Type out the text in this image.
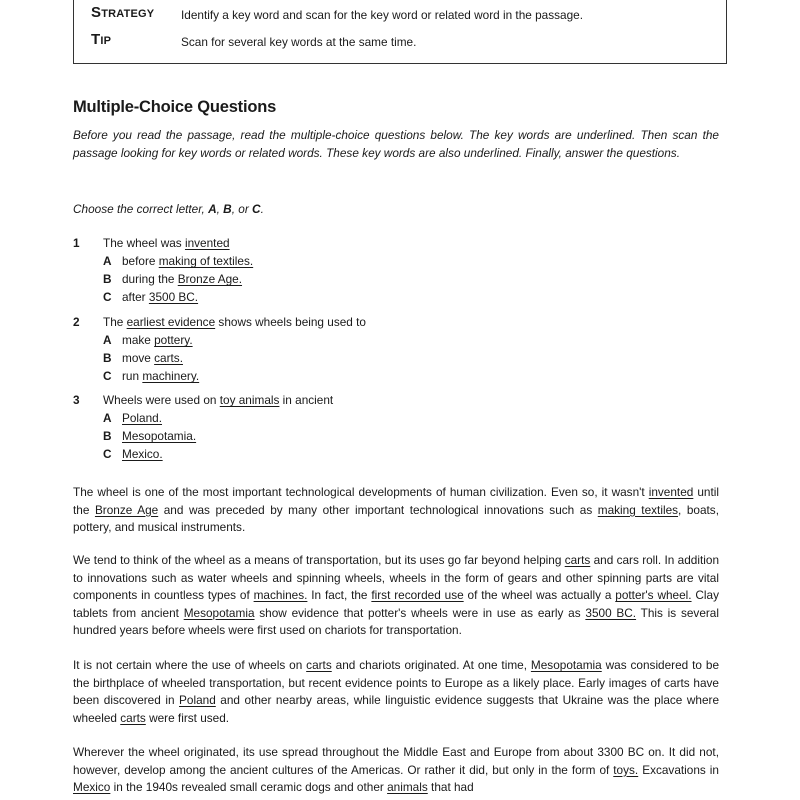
Strategy Identify a key word and scan for the key word or related word in the passage.
Tip	Scan for several key words at the same time.
Multiple-Choice Questions

Before you read the passage, read the multiple-choice questions below. The key words are underlined. Then scan the passage looking for key words or related words. These key words are also underlined. Finally, answer the questions.

Choose the correct letter, A, B, or C.

1 The wheel was invented
A before making of textiles.
B during the Bronze Age.
C after 3500 BC.
2 The earliest evidence shows wheels being used to
A make pottery.
B move carts.
C run machinery.
3 Wheels were used on toy animals in ancient
A Poland.
B Mesopotamia.
C Mexico.

The wheel is one of the most important technological developments of human civilization. Even so, it wasn't invented until the Bronze Age and was preceded by many other important technological innovations such as making textiles, boats, pottery, and musical instruments.

We tend to think of the wheel as a means of transportation, but its uses go far beyond helping carts and cars roll. In addition to innovations such as water wheels and spinning wheels, wheels in the form of gears and other spinning parts are vital components in countless types of machines. In fact, the first recorded use of the wheel was actually a potter's wheel. Clay tablets from ancient Mesopotamia show evidence that potter's wheels were in use as early as 3500 BC. This is several hundred years before wheels were first used on chariots for transportation.

It is not certain where the use of wheels on carts and chariots originated. At one time, Mesopotamia was considered to be the birthplace of wheeled transportation, but recent evidence points to Europe as a likely place. Early images of carts have been discovered in Poland and other nearby areas, while linguistic evidence suggests that Ukraine was the place where wheeled carts were first used.

Wherever the wheel originated, its use spread throughout the Middle East and Europe from about 3300 BC on. It did not, however, develop among the ancient cultures of the Americas. Or rather it did, but only in the form of toys. Excavations in Mexico in the 1940s revealed small ceramic dogs and other animals that had
